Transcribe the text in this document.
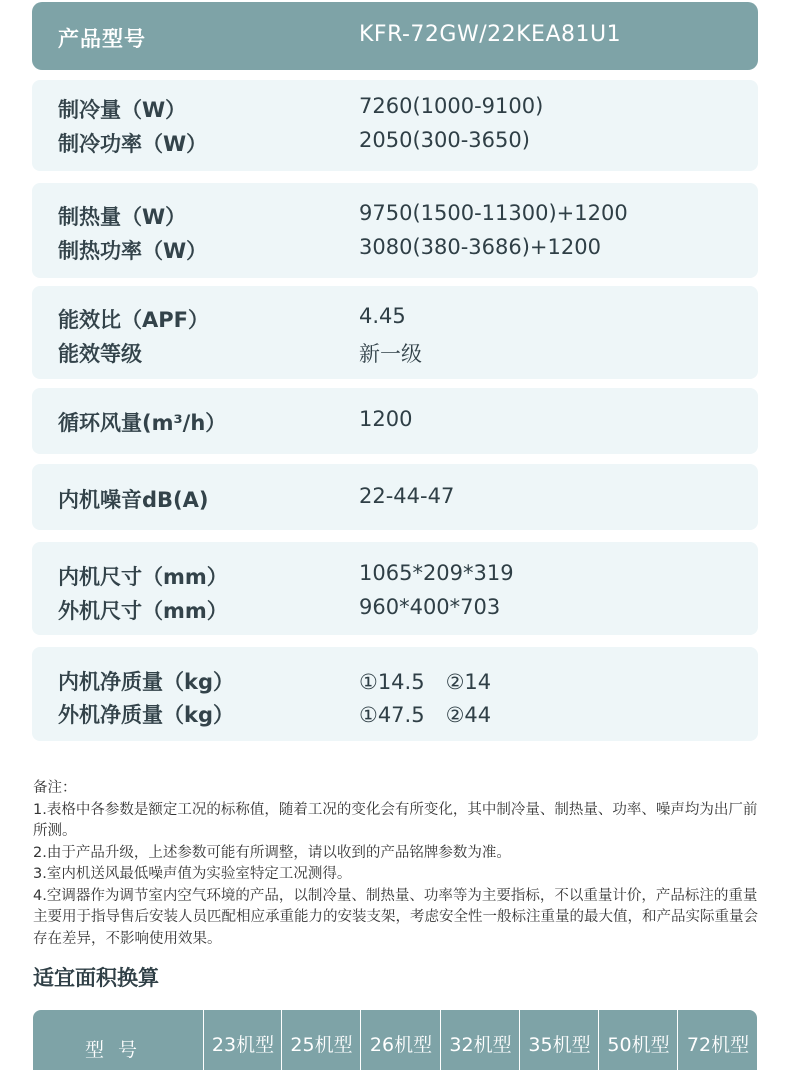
产品型号	KFR-72GW/22KEA81U1
制冷量（W）	7260(1000-9100)
制冷功率（W）	2050(300-3650)
制热量（W）	9750(1500-11300)+1200
制热功率（W）	3080(380-3686)+1200
能效比（APF）	4.45
能效等级	新一级
循环风量(m³/h）	1200
内机噪音dB(A)	22-44-47
内机尺寸（mm）	1065*209*319
外机尺寸（mm）	960*400*703
内机净质量（kg）	①14.5　②14
外机净质量（kg）	①47.5　②44
备注：
1.表格中各参数是额定工况的标称值，随着工况的变化会有所变化，其中制冷量、制热量、功率、噪声均为出厂前所测。
2.由于产品升级，上述参数可能有所调整，请以收到的产品铭牌参数为准。
3.室内机送风最低噪声值为实验室特定工况测得。
4.空调器作为调节室内空气环境的产品，以制冷量、制热量、功率等为主要指标，不以重量计价，产品标注的重量主要用于指导售后安装人员匹配相应承重能力的安装支架，考虑安全性一般标注重量的最大值，和产品实际重量会存在差异，不影响使用效果。
适宜面积换算
型号	23机型 25机型 26机型 32机型 35机型 50机型 72机型
